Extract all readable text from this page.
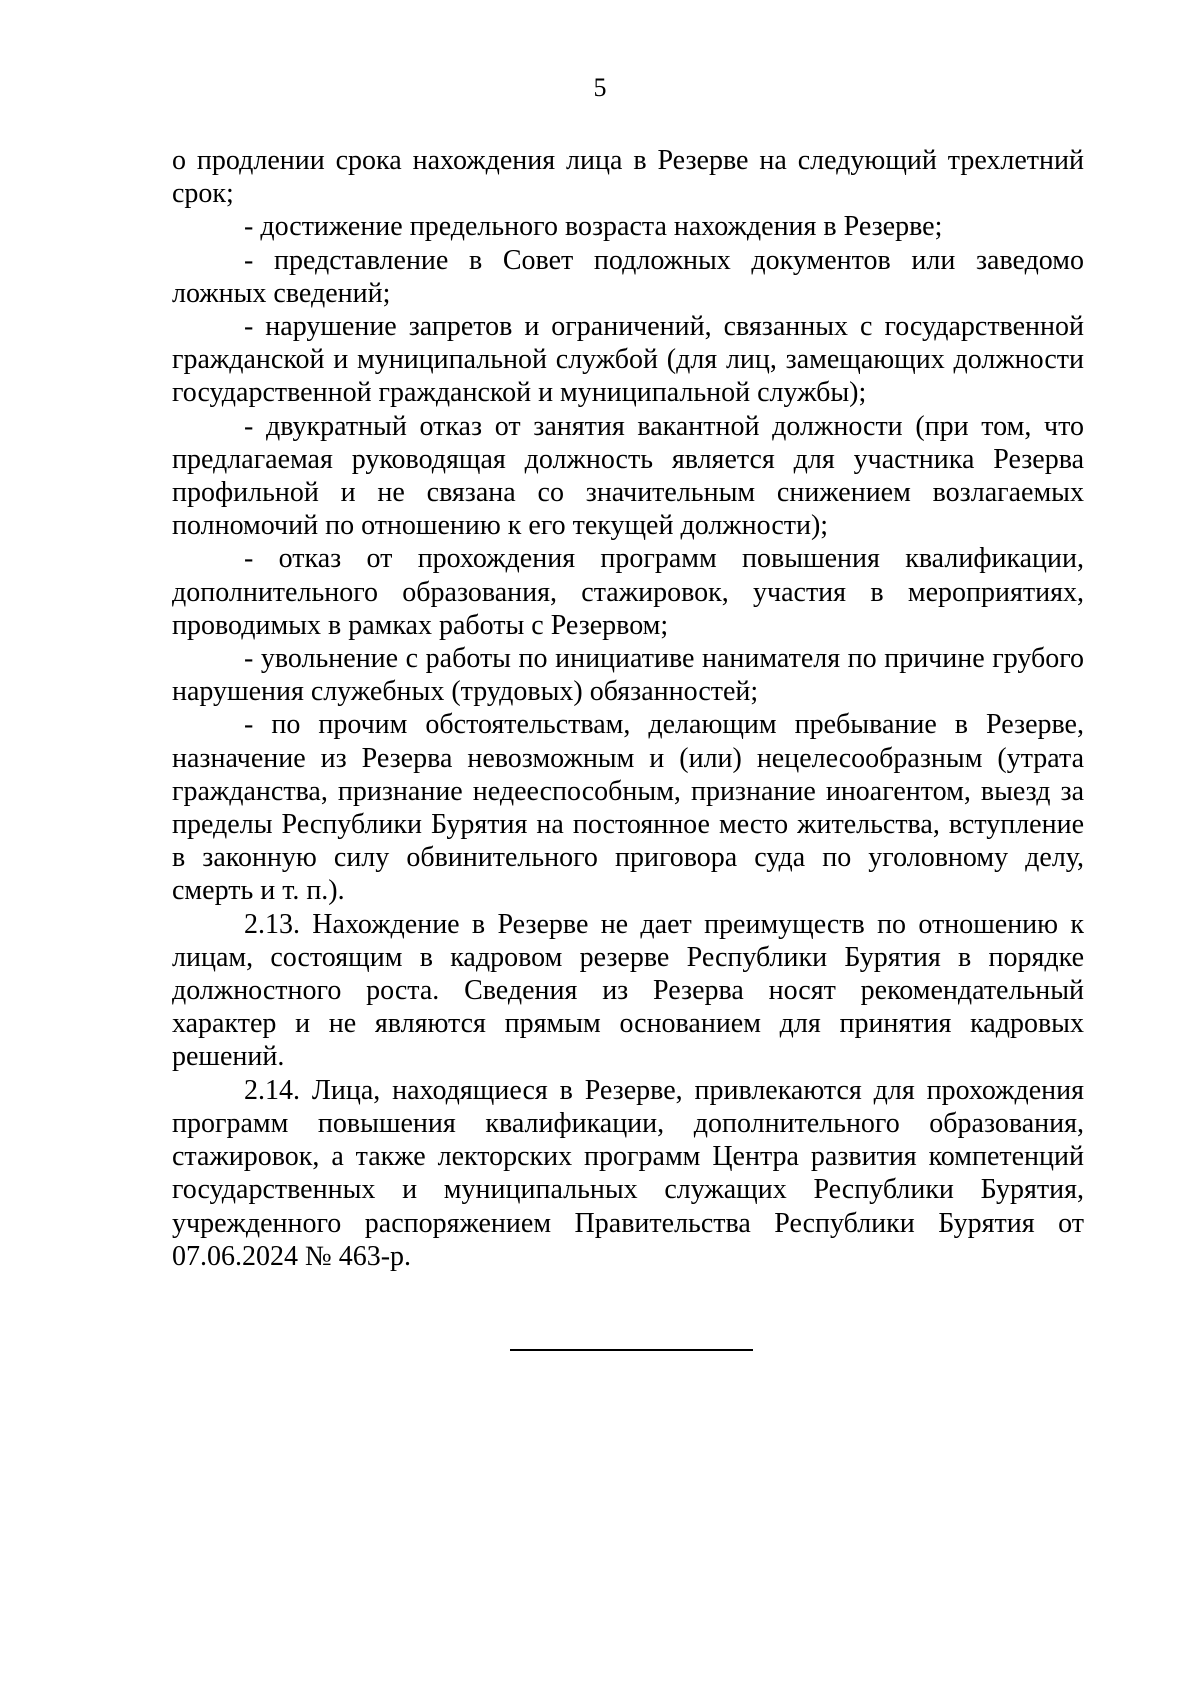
5

о продлении срока нахождения лица в Резерве на следующий трехлетний срок;

- достижение предельного возраста нахождения в Резерве;

- представление в Совет подложных документов или заведомо ложных сведений;

- нарушение запретов и ограничений, связанных с государственной гражданской и муниципальной службой (для лиц, замещающих должности государственной гражданской и муниципальной службы);

- двукратный отказ от занятия вакантной должности (при том, что предлагаемая руководящая должность является для участника Резерва профильной и не связана со значительным снижением возлагаемых полномочий по отношению к его текущей должности);

- отказ от прохождения программ повышения квалификации, дополнительного образования, стажировок, участия в мероприятиях, проводимых в рамках работы с Резервом;

- увольнение с работы по инициативе нанимателя по причине грубого нарушения служебных (трудовых) обязанностей;

- по прочим обстоятельствам, делающим пребывание в Резерве, назначение из Резерва невозможным и (или) нецелесообразным (утрата гражданства, признание недееспособным, признание иноагентом, выезд за пределы Республики Бурятия на постоянное место жительства, вступление в законную силу обвинительного приговора суда по уголовному делу, смерть и т. п.).

2.13. Нахождение в Резерве не дает преимуществ по отношению к лицам, состоящим в кадровом резерве Республики Бурятия в порядке должностного роста. Сведения из Резерва носят рекомендательный характер и не являются прямым основанием для принятия кадровых решений.

2.14. Лица, находящиеся в Резерве, привлекаются для прохождения программ повышения квалификации, дополнительного образования, стажировок, а также лекторских программ Центра развития компетенций государственных и муниципальных служащих Республики Бурятия, учрежденного распоряжением Правительства Республики Бурятия от 07.06.2024 № 463-р.
